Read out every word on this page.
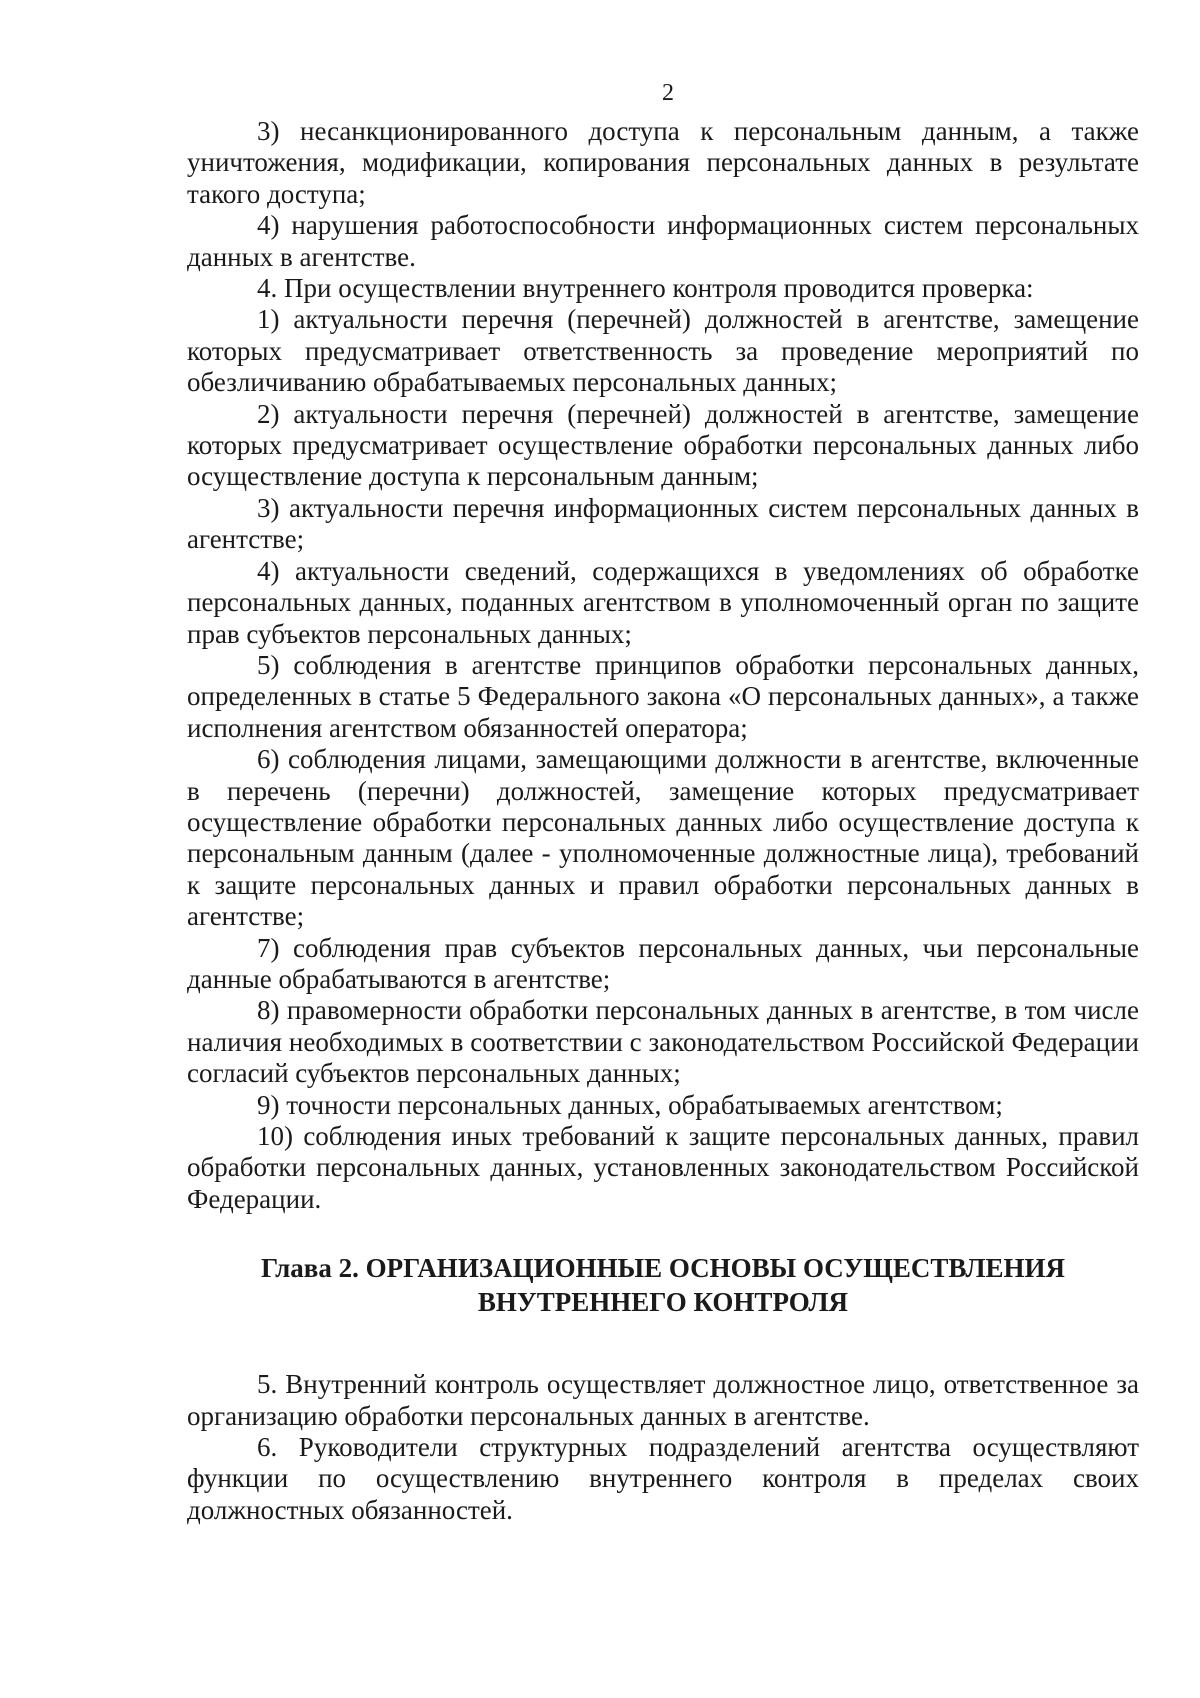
2

3) несанкционированного доступа к персональным данным, а также уничтожения, модификации, копирования персональных данных в результате такого доступа;

4) нарушения работоспособности информационных систем персональных данных в агентстве.

4. При осуществлении внутреннего контроля проводится проверка:

1) актуальности перечня (перечней) должностей в агентстве, замещение которых предусматривает ответственность за проведение мероприятий по обезличиванию обрабатываемых персональных данных;

2) актуальности перечня (перечней) должностей в агентстве, замещение которых предусматривает осуществление обработки персональных данных либо осуществление доступа к персональным данным;

3) актуальности перечня информационных систем персональных данных в агентстве;

4) актуальности сведений, содержащихся в уведомлениях об обработке персональных данных, поданных агентством в уполномоченный орган по защите прав субъектов персональных данных;

5) соблюдения в агентстве принципов обработки персональных данных, определенных в статье 5 Федерального закона «О персональных данных», а также исполнения агентством обязанностей оператора;

6) соблюдения лицами, замещающими должности в агентстве, включенные в перечень (перечни) должностей, замещение которых предусматривает осуществление обработки персональных данных либо осуществление доступа к персональным данным (далее - уполномоченные должностные лица), требований к защите персональных данных и правил обработки персональных данных в агентстве;

7) соблюдения прав субъектов персональных данных, чьи персональные данные обрабатываются в агентстве;

8) правомерности обработки персональных данных в агентстве, в том числе наличия необходимых в соответствии с законодательством Российской Федерации согласий субъектов персональных данных;

9) точности персональных данных, обрабатываемых агентством;

10) соблюдения иных требований к защите персональных данных, правил обработки персональных данных, установленных законодательством Российской Федерации.

Глава 2. ОРГАНИЗАЦИОННЫЕ ОСНОВЫ ОСУЩЕСТВЛЕНИЯ
ВНУТРЕННЕГО КОНТРОЛЯ

5. Внутренний контроль осуществляет должностное лицо, ответственное за организацию обработки персональных данных в агентстве.

6. Руководители структурных подразделений агентства осуществляют функции по осуществлению внутреннего контроля в пределах своих должностных обязанностей.
